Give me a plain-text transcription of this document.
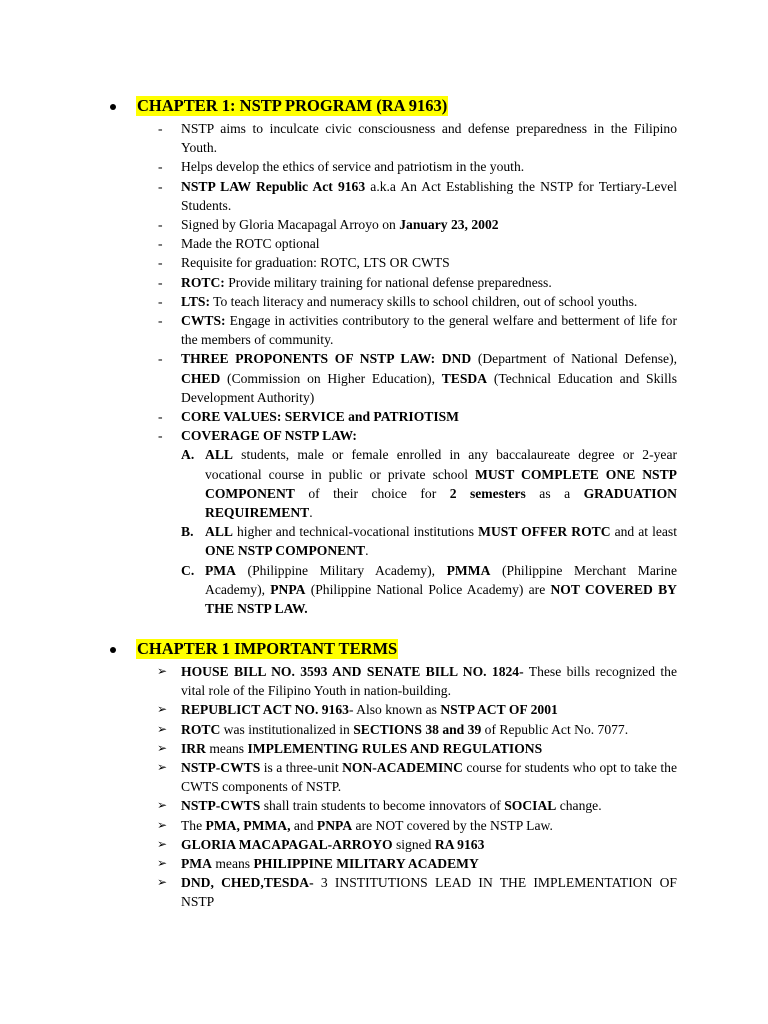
CHAPTER 1: NSTP PROGRAM (RA 9163)
- NSTP aims to inculcate civic consciousness and defense preparedness in the Filipino Youth.
- Helps develop the ethics of service and patriotism in the youth.
- NSTP LAW Republic Act 9163 a.k.a An Act Establishing the NSTP for Tertiary-Level Students.
- Signed by Gloria Macapagal Arroyo on January 23, 2002
- Made the ROTC optional
- Requisite for graduation: ROTC, LTS OR CWTS
- ROTC: Provide military training for national defense preparedness.
- LTS: To teach literacy and numeracy skills to school children, out of school youths.
- CWTS: Engage in activities contributory to the general welfare and betterment of life for the members of community.
- THREE PROPONENTS OF NSTP LAW: DND (Department of National Defense), CHED (Commission on Higher Education), TESDA (Technical Education and Skills Development Authority)
- CORE VALUES: SERVICE and PATRIOTISM
- COVERAGE OF NSTP LAW:
A. ALL students, male or female enrolled in any baccalaureate degree or 2-year vocational course in public or private school MUST COMPLETE ONE NSTP COMPONENT of their choice for 2 semesters as a GRADUATION REQUIREMENT.
B. ALL higher and technical-vocational institutions MUST OFFER ROTC and at least ONE NSTP COMPONENT.
C. PMA (Philippine Military Academy), PMMA (Philippine Merchant Marine Academy), PNPA (Philippine National Police Academy) are NOT COVERED BY THE NSTP LAW.
CHAPTER 1 IMPORTANT TERMS
➢ HOUSE BILL NO. 3593 AND SENATE BILL NO. 1824- These bills recognized the vital role of the Filipino Youth in nation-building.
➢ REPUBLICT ACT NO. 9163- Also known as NSTP ACT OF 2001
➢ ROTC was institutionalized in SECTIONS 38 and 39 of Republic Act No. 7077.
➢ IRR means IMPLEMENTING RULES AND REGULATIONS
➢ NSTP-CWTS is a three-unit NON-ACADEMINC course for students who opt to take the CWTS components of NSTP.
➢ NSTP-CWTS shall train students to become innovators of SOCIAL change.
➢ The PMA, PMMA, and PNPA are NOT covered by the NSTP Law.
➢ GLORIA MACAPAGAL-ARROYO signed RA 9163
➢ PMA means PHILIPPINE MILITARY ACADEMY
➢ DND, CHED,TESDA- 3 INSTITUTIONS LEAD IN THE IMPLEMENTATION OF NSTP
